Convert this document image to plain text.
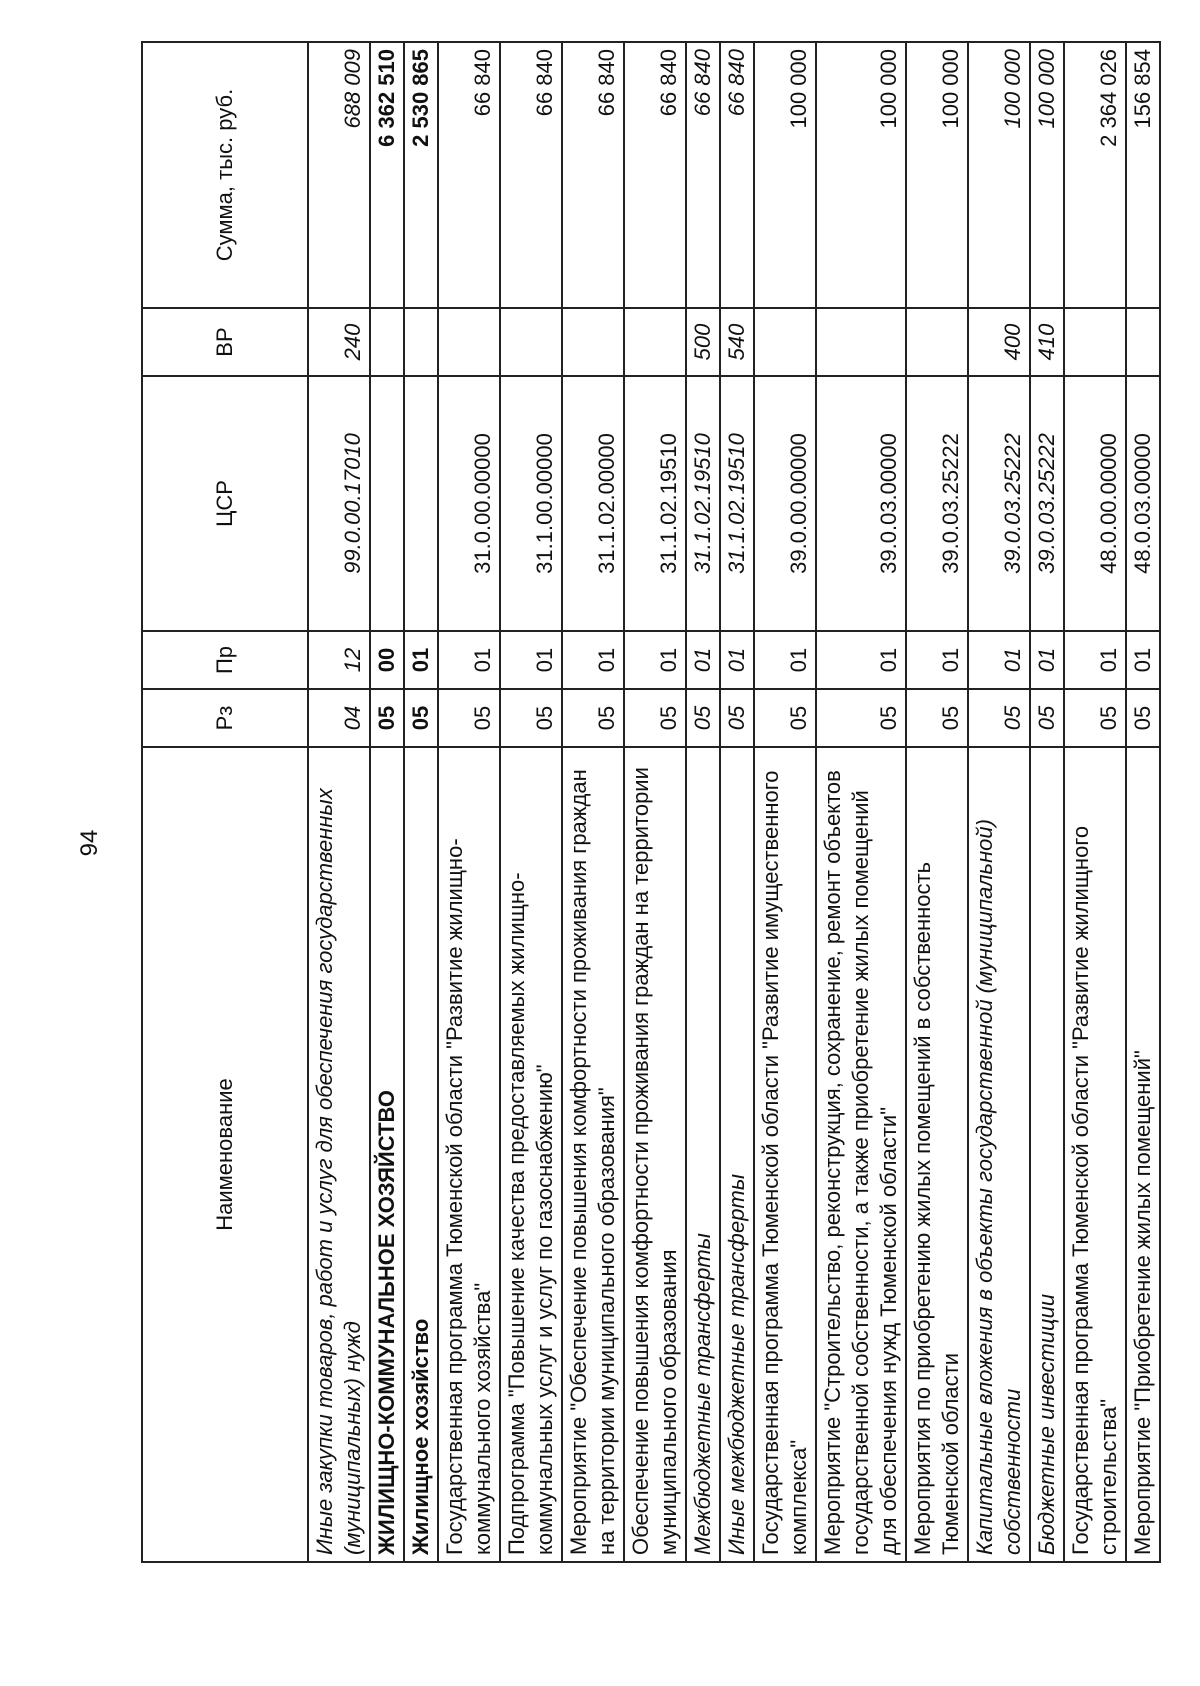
94
Наименование	Рз	Пр	ЦСР	ВР	Сумма, тыс. руб.
Иные закупки товаров, работ и услуг для обеспечения государственных (муниципальных) нужд	04	12	99.0.00.17010	240	688 009
ЖИЛИЩНО-КОММУНАЛЬНОЕ ХОЗЯЙСТВО	05	00			6 362 510
Жилищное хозяйство	05	01			2 530 865
Государственная программа Тюменской области "Развитие жилищно-коммунального хозяйства"	05	01	31.0.00.00000		66 840
Подпрограмма "Повышение качества предоставляемых жилищно-коммунальных услуг и услуг по газоснабжению"	05	01	31.1.00.00000		66 840
Мероприятие "Обеспечение повышения комфортности проживания граждан на территории муниципального образования"	05	01	31.1.02.00000		66 840
Обеспечение повышения комфортности проживания граждан на территории муниципального образования	05	01	31.1.02.19510		66 840
Межбюджетные трансферты	05	01	31.1.02.19510	500	66 840
Иные межбюджетные трансферты	05	01	31.1.02.19510	540	66 840
Государственная программа Тюменской области "Развитие имущественного комплекса"	05	01	39.0.00.00000		100 000
Мероприятие "Строительство, реконструкция, сохранение, ремонт объектов государственной собственности, а также приобретение жилых помещений для обеспечения нужд Тюменской области"	05	01	39.0.03.00000		100 000
Мероприятия по приобретению жилых помещений в собственность Тюменской области	05	01	39.0.03.25222		100 000
Капитальные вложения в объекты государственной (муниципальной) собственности	05	01	39.0.03.25222	400	100 000
Бюджетные инвестиции	05	01	39.0.03.25222	410	100 000
Государственная программа Тюменской области "Развитие жилищного строительства"	05	01	48.0.00.00000		2 364 026
Мероприятие "Приобретение жилых помещений"	05	01	48.0.03.00000		156 854
